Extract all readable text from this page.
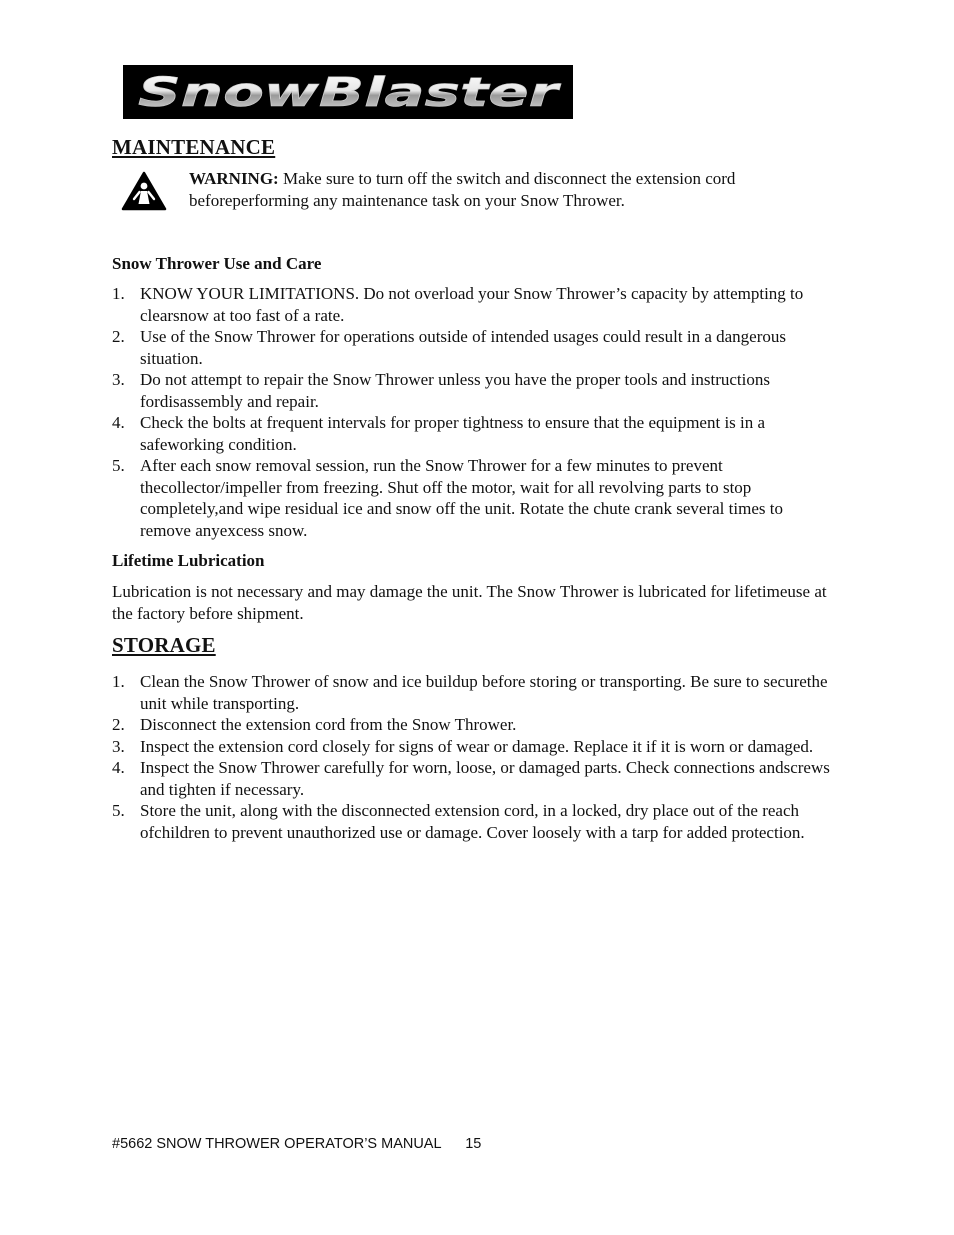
SnowBlaster
MAINTENANCE
WARNING: Make sure to turn off the switch and disconnect the extension cord beforeperforming any maintenance task on your Snow Thrower.
Snow Thrower Use and Care
1. KNOW YOUR LIMITATIONS. Do not overload your Snow Thrower’s capacity by attempting to clearsnow at too fast of a rate.
2. Use of the Snow Thrower for operations outside of intended usages could result in a dangerous situation.
3. Do not attempt to repair the Snow Thrower unless you have the proper tools and instructions fordisassembly and repair.
4. Check the bolts at frequent intervals for proper tightness to ensure that the equipment is in a safeworking condition.
5. After each snow removal session, run the Snow Thrower for a few minutes to prevent thecollector/impeller from freezing. Shut off the motor, wait for all revolving parts to stop completely,and wipe residual ice and snow off the unit. Rotate the chute crank several times to remove anyexcess snow.
Lifetime Lubrication

Lubrication is not necessary and may damage the unit. The Snow Thrower is lubricated for lifetimeuse at the factory before shipment.

STORAGE
1. Clean the Snow Thrower of snow and ice buildup before storing or transporting. Be sure to securethe unit while transporting.
2. Disconnect the extension cord from the Snow Thrower.
3. Inspect the extension cord closely for signs of wear or damage. Replace it if it is worn or damaged.
4. Inspect the Snow Thrower carefully for worn, loose, or damaged parts. Check connections andscrews and tighten if necessary.
5. Store the unit, along with the disconnected extension cord, in a locked, dry place out of the reach ofchildren to prevent unauthorized use or damage. Cover loosely with a tarp for added protection.
#5662 SNOW THROWER OPERATOR’S MANUAL 15
